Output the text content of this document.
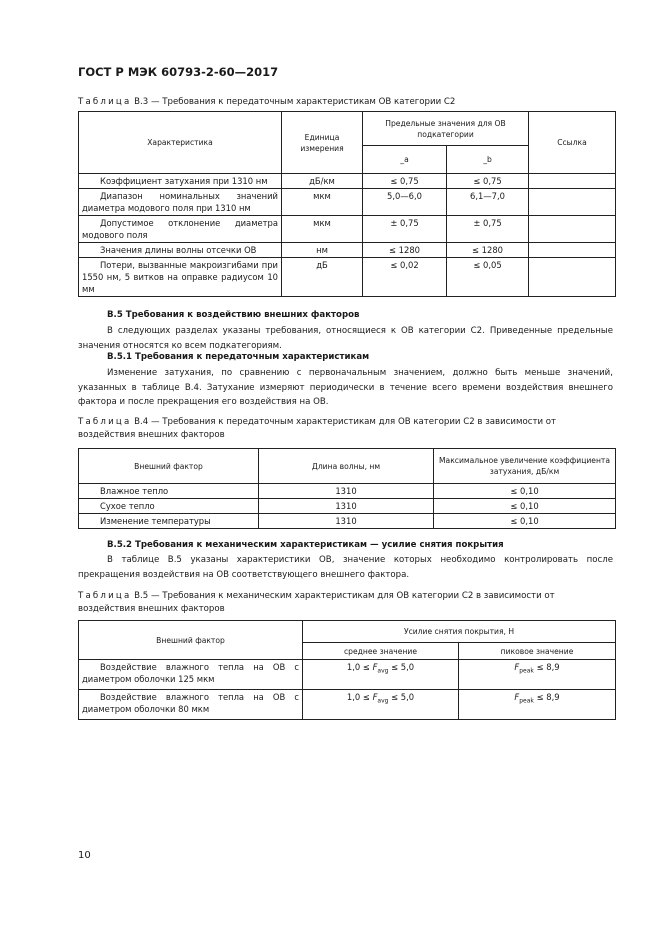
ГОСТ Р МЭК 60793-2-60—2017
Таблица В.3 — Требования к передаточным характеристикам ОВ категории С2
Характеристика	Единица измерения	Предельные значения для ОВ подкатегории		Ссылка
		_a	_b	
Коэффициент затухания при 1310 нм	дБ/км	≤ 0,75	≤ 0,75	
Диапазон номинальных значений диаметра модового поля при 1310 нм	мкм	5,0—6,0	6,1—7,0	
Допустимое отклонение диаметра модового поля	мкм	± 0,75	± 0,75	
Значения длины волны отсечки ОВ	нм	≤ 1280	≤ 1280	
Потери, вызванные макроизгибами при 1550 нм, 5 витков на оправке радиусом 10 мм	дБ	≤ 0,02	≤ 0,05	
В.5 Требования к воздействию внешних факторов
В следующих разделах указаны требования, относящиеся к ОВ категории С2. Приведенные предельные значения относятся ко всем подкатегориям.
В.5.1 Требования к передаточным характеристикам
Изменение затухания, по сравнению с первоначальным значением, должно быть меньше значений, указанных в таблице В.4. Затухание измеряют периодически в течение всего времени воздействия внешнего фактора и после прекращения его воздействия на ОВ.
Таблица В.4 — Требования к передаточным характеристикам для ОВ категории С2 в зависимости от воздействия внешних факторов
Внешний фактор	Длина волны, нм	Максимальное увеличение коэффициента затухания, дБ/км
Влажное тепло	1310	≤ 0,10
Сухое тепло	1310	≤ 0,10
Изменение температуры	1310	≤ 0,10
В.5.2 Требования к механическим характеристикам — усилие снятия покрытия
В таблице В.5 указаны характеристики ОВ, значение которых необходимо контролировать после прекращения воздействия на ОВ соответствующего внешнего фактора.
Таблица В.5 — Требования к механическим характеристикам для ОВ категории С2 в зависимости от воздействия внешних факторов
Внешний фактор	Усилие снятия покрытия, Н	
	среднее значение	пиковое значение
Воздействие влажного тепла на ОВ с диаметром оболочки 125 мкм	$1,0 \le F_{avg} \le 5,0$	$F_{peak} \le 8,9$
Воздействие влажного тепла на ОВ с диаметром оболочки 80 мкм	$1,0 \le F_{avg} \le 5,0$	$F_{peak} \le 8,9$
10
